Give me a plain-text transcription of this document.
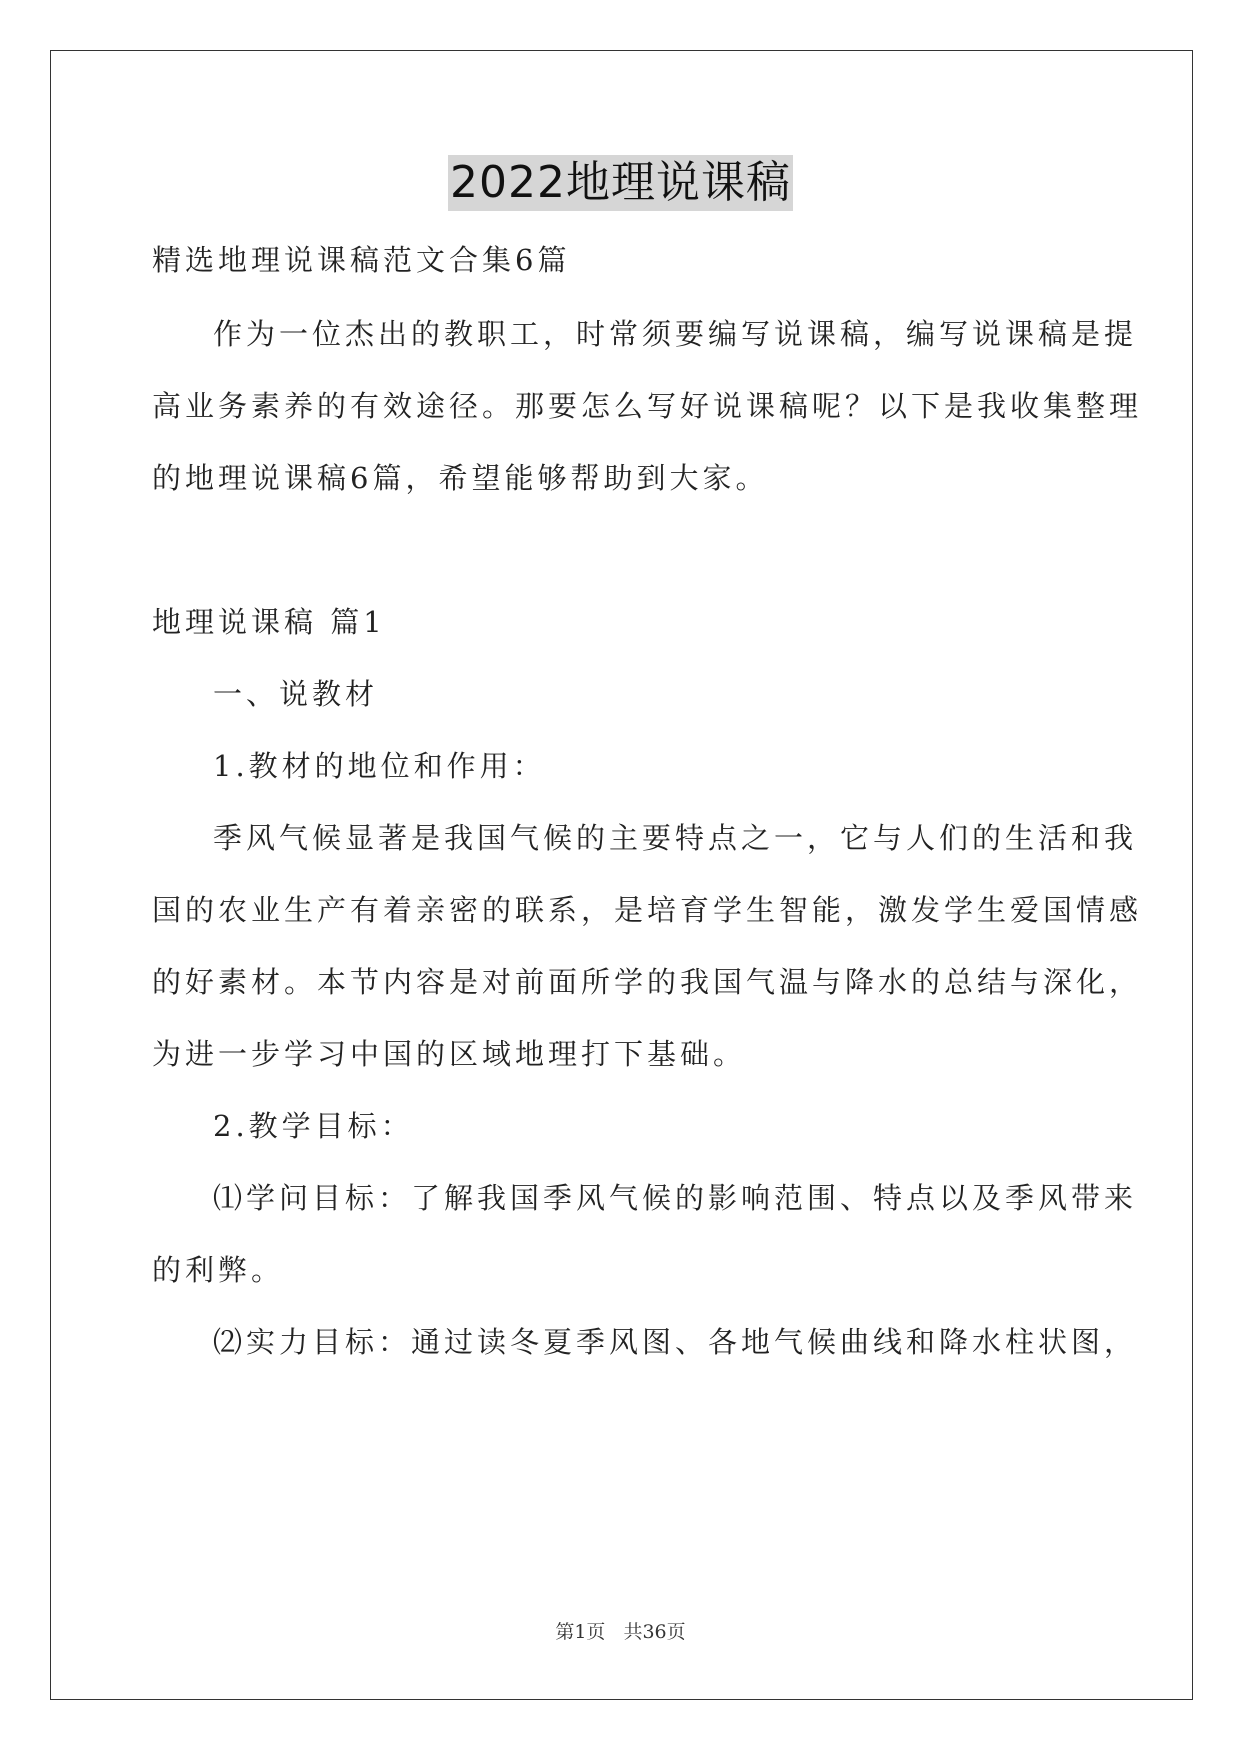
2022地理说课稿
精选地理说课稿范文合集6篇
作为一位杰出的教职工，时常须要编写说课稿，编写说课稿是提
高业务素养的有效途径。那要怎么写好说课稿呢？以下是我收集整理
的地理说课稿6篇，希望能够帮助到大家。
地理说课稿 篇1
一、说教材
1.教材的地位和作用：
季风气候显著是我国气候的主要特点之一，它与人们的生活和我
国的农业生产有着亲密的联系，是培育学生智能，激发学生爱国情感
的好素材。本节内容是对前面所学的我国气温与降水的总结与深化，
为进一步学习中国的区域地理打下基础。
2.教学目标：
⑴学问目标：了解我国季风气候的影响范围、特点以及季风带来
的利弊。
⑵实力目标：通过读冬夏季风图、各地气候曲线和降水柱状图，
第1页 共36页
